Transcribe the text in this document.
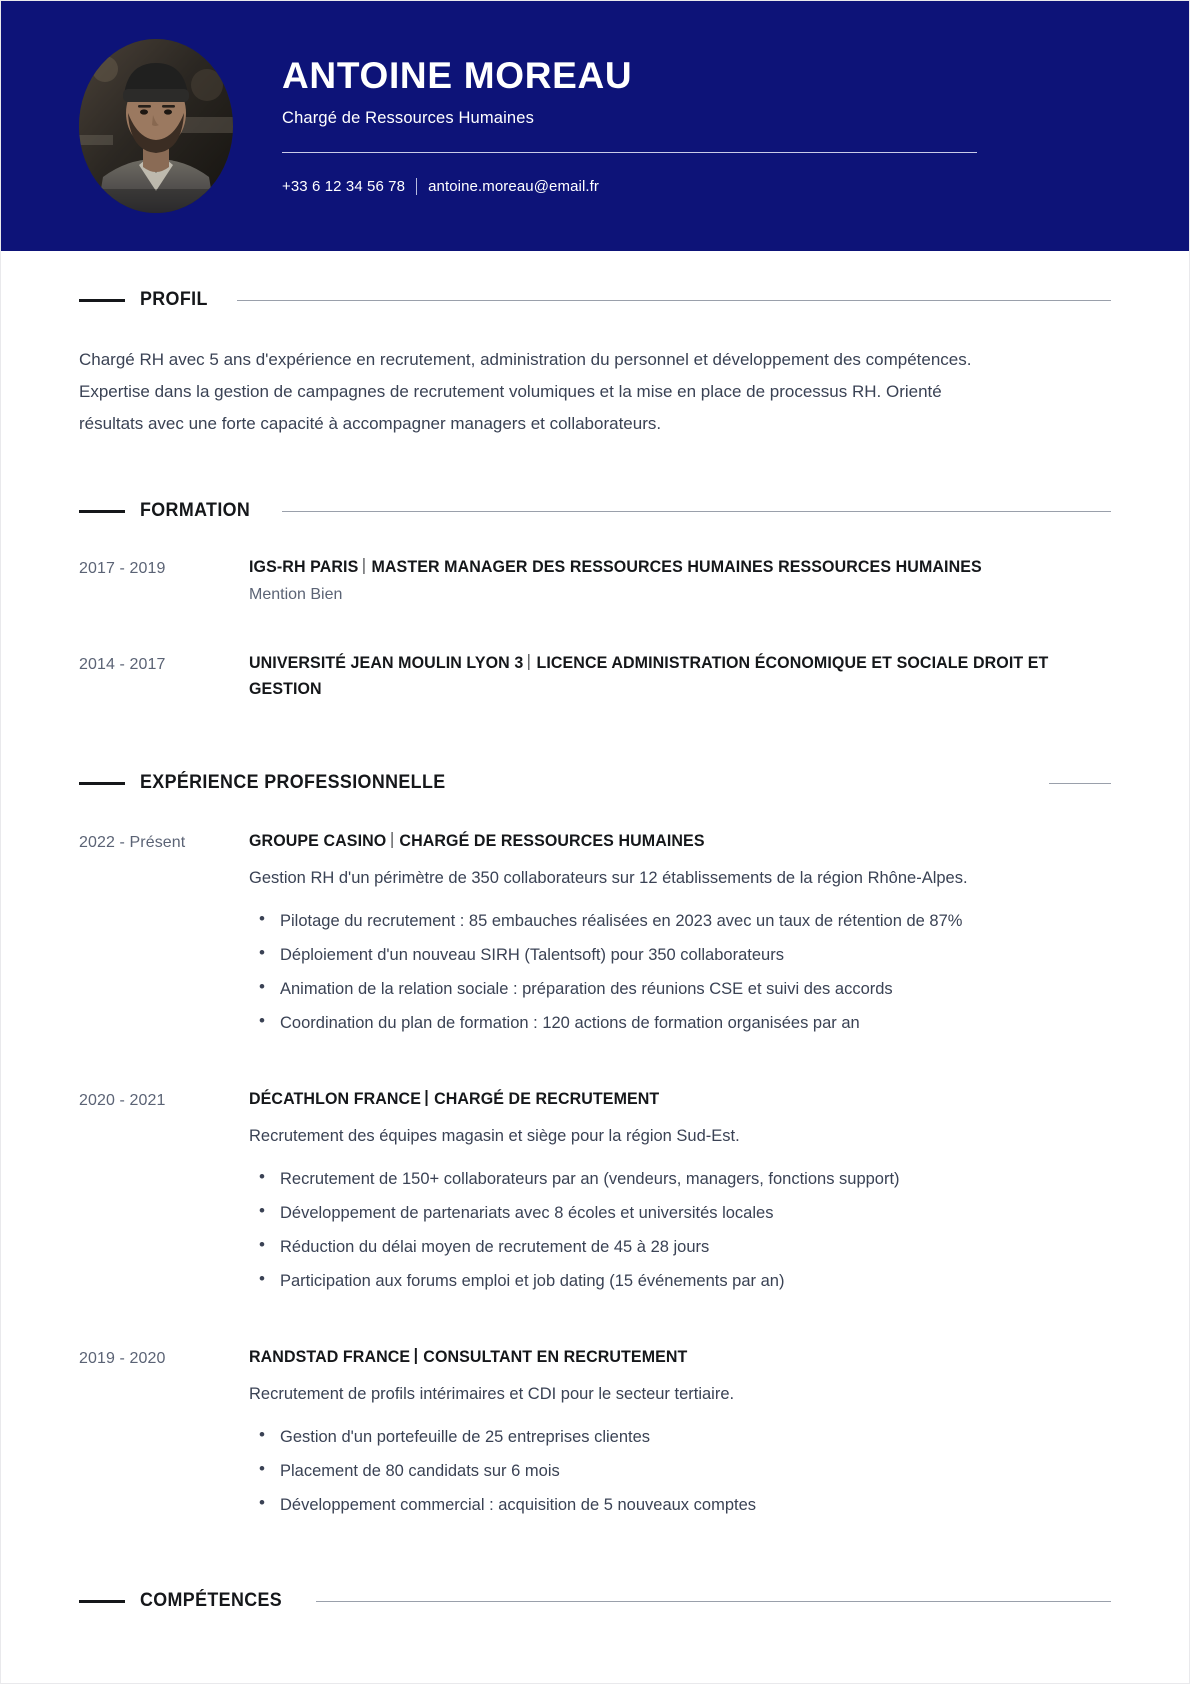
ANTOINE MOREAU
Chargé de Ressources Humaines
+33 6 12 34 56 78 antoine.moreau@email.fr
PROFIL

Chargé RH avec 5 ans d'expérience en recrutement, administration du personnel et développement des compétences. Expertise dans la gestion de campagnes de recrutement volumiques et la mise en place de processus RH. Orienté résultats avec une forte capacité à accompagner managers et collaborateurs.

FORMATION
2017 - 2019	IGS-RH PARIS MASTER MANAGER DES RESSOURCES HUMAINES RESSOURCES HUMAINES
Mention Bien
2014 - 2017	UNIVERSITÉ JEAN MOULIN LYON 3 LICENCE ADMINISTRATION ÉCONOMIQUE ET SOCIALE DROIT ET GESTION
EXPÉRIENCE PROFESSIONNELLE
2022 - Présent	GROUPE CASINO CHARGÉ DE RESSOURCES HUMAINES
Gestion RH d'un périmètre de 350 collaborateurs sur 12 établissements de la région Rhône-Alpes.
• Pilotage du recrutement : 85 embauches réalisées en 2023 avec un taux de rétention de 87%
• Déploiement d'un nouveau SIRH (Talentsoft) pour 350 collaborateurs
• Animation de la relation sociale : préparation des réunions CSE et suivi des accords
• Coordination du plan de formation : 120 actions de formation organisées par an
2020 - 2021	DÉCATHLON FRANCE CHARGÉ DE RECRUTEMENT
Recrutement des équipes magasin et siège pour la région Sud-Est.
• Recrutement de 150+ collaborateurs par an (vendeurs, managers, fonctions support)
• Développement de partenariats avec 8 écoles et universités locales
• Réduction du délai moyen de recrutement de 45 à 28 jours
• Participation aux forums emploi et job dating (15 événements par an)
2019 - 2020	RANDSTAD FRANCE CONSULTANT EN RECRUTEMENT
Recrutement de profils intérimaires et CDI pour le secteur tertiaire.
• Gestion d'un portefeuille de 25 entreprises clientes
• Placement de 80 candidats sur 6 mois
• Développement commercial : acquisition de 5 nouveaux comptes
COMPÉTENCES
